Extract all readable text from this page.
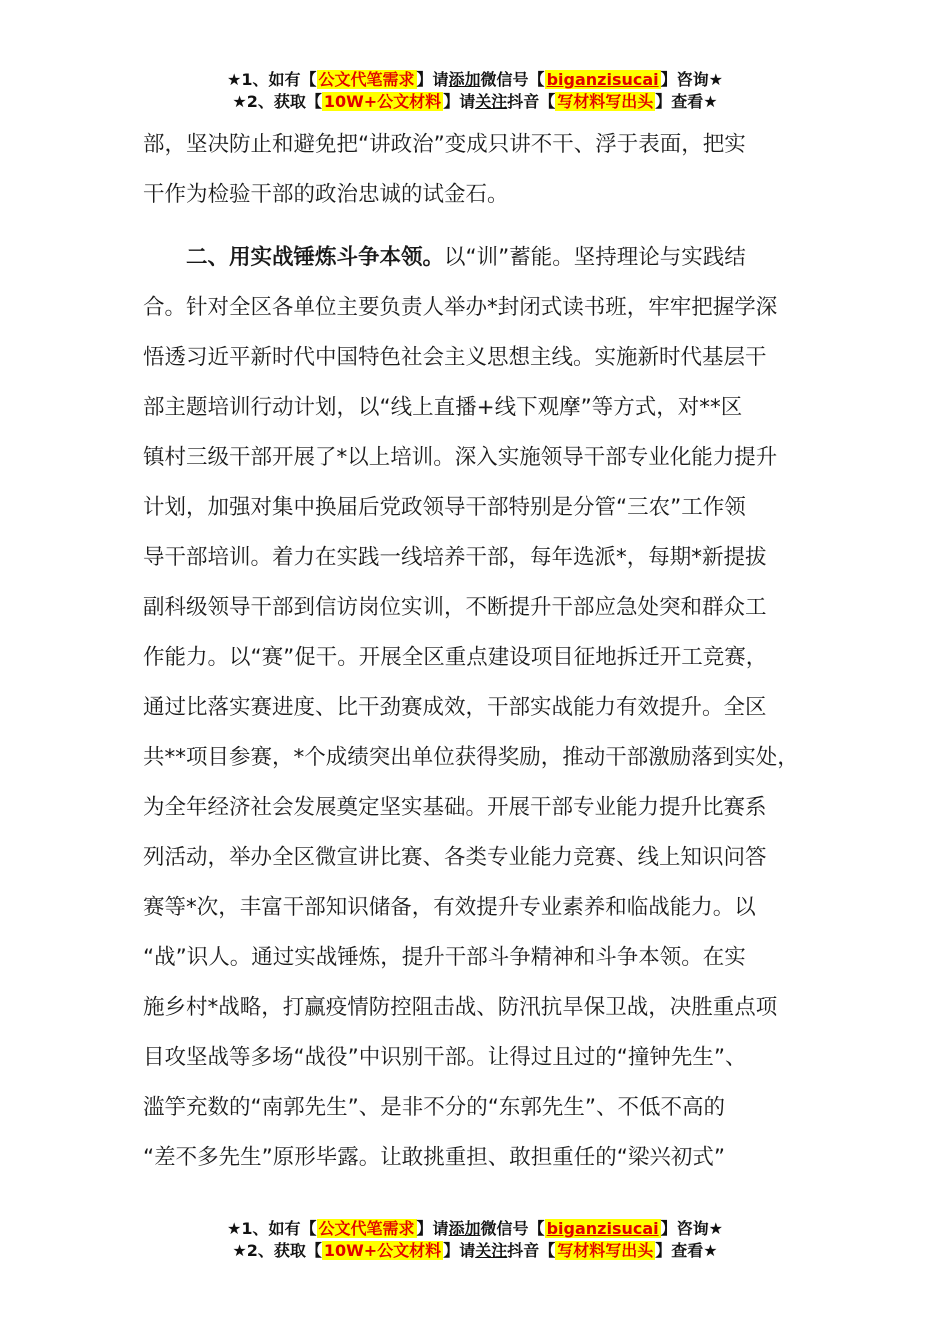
★1、如有【 公文代笔需求 】请添加微信号【 biganzisucai 】咨询★
★2、获取【 10W+公文材料 】请关注抖音【 写材料写出头 】查看★
部，坚决防止和避免把“讲政治”变成只讲不干、浮于表面，把实
干作为检验干部的政治忠诚的试金石。
二、用实战锤炼斗争本领。以“训”蓄能。坚持理论与实践结
合。针对全区各单位主要负责人举办*封闭式读书班，牢牢把握学深
悟透习近平新时代中国特色社会主义思想主线。实施新时代基层干
部主题培训行动计划，以“线上直播+线下观摩”等方式，对**区
镇村三级干部开展了*以上培训。深入实施领导干部专业化能力提升
计划，加强对集中换届后党政领导干部特别是分管“三农”工作领
导干部培训。着力在实践一线培养干部，每年选派*，每期*新提拔
副科级领导干部到信访岗位实训，不断提升干部应急处突和群众工
作能力。以“赛”促干。开展全区重点建设项目征地拆迁开工竞赛，
通过比落实赛进度、比干劲赛成效，干部实战能力有效提升。全区
共**项目参赛，*个成绩突出单位获得奖励，推动干部激励落到实处，
为全年经济社会发展奠定坚实基础。开展干部专业能力提升比赛系
列活动，举办全区微宣讲比赛、各类专业能力竞赛、线上知识问答
赛等*次，丰富干部知识储备，有效提升专业素养和临战能力。以
“战”识人。通过实战锤炼，提升干部斗争精神和斗争本领。在实
施乡村*战略，打赢疫情防控阻击战、防汛抗旱保卫战，决胜重点项
目攻坚战等多场“战役”中识别干部。让得过且过的“撞钟先生”、
滥竽充数的“南郭先生”、是非不分的“东郭先生”、不低不高的
“差不多先生”原形毕露。让敢挑重担、敢担重任的“梁兴初式”
★1、如有【 公文代笔需求 】请添加微信号【 biganzisucai 】咨询★
★2、获取【 10W+公文材料 】请关注抖音【 写材料写出头 】查看★
